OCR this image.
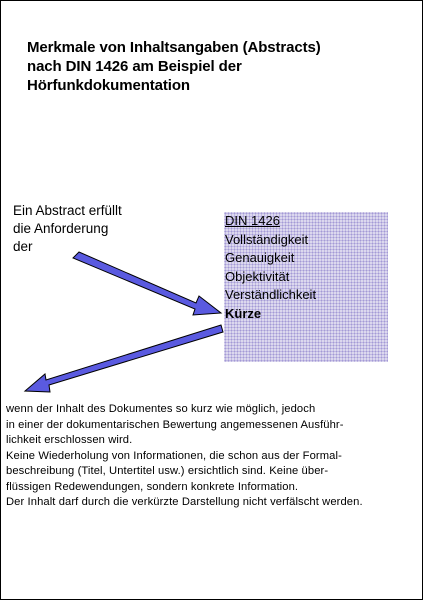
Merkmale von Inhaltsangaben (Abstracts)
nach DIN 1426 am Beispiel der
Hörfunkdokumentation
Ein Abstract erfüllt
die Anforderung
der
DIN 1426
Vollständigkeit
Genauigkeit
Objektivität
Verständlichkeit
Kürze
wenn der Inhalt des Dokumentes so kurz wie möglich, jedoch
in einer der dokumentarischen Bewertung angemessenen Ausführ-
lichkeit erschlossen wird.
Keine Wiederholung von Informationen, die schon aus der Formal-
beschreibung (Titel, Untertitel usw.) ersichtlich sind. Keine über-
flüssigen Redewendungen, sondern konkrete Information.
Der Inhalt darf durch die verkürzte Darstellung nicht verfälscht werden.
